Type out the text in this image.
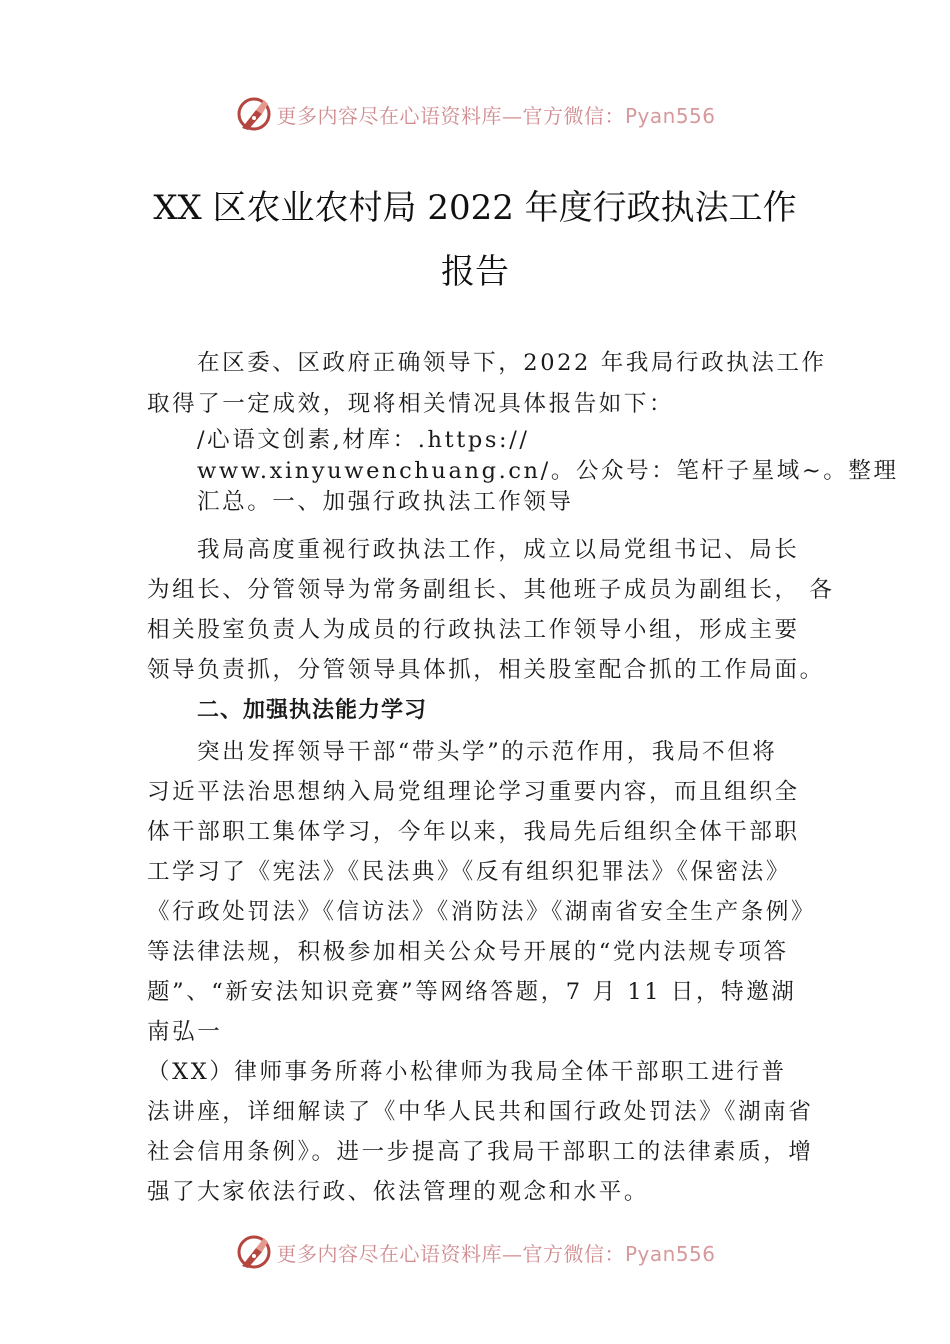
更多内容尽在心语资料库—官方微信：Pyan556
XX 区农业农村局 2022 年度行政执法工作
报告

在区委、区政府正确领导下，2022 年我局行政执法工作

取得了一定成效，现将相关情况具体报告如下：

/心语文创素,材库：.https://

www.xinyuwenchuang.cn/。公众号：笔杆子星域~。整理

汇总。一、加强行政执法工作领导

我局高度重视行政执法工作，成立以局党组书记、局长

为组长、分管领导为常务副组长、其他班子成员为副组长， 各

相关股室负责人为成员的行政执法工作领导小组，形成主要

领导负责抓，分管领导具体抓，相关股室配合抓的工作局面。

二、加强执法能力学习

突出发挥领导干部“带头学”的示范作用，我局不但将

习近平法治思想纳入局党组理论学习重要内容，而且组织全

体干部职工集体学习，今年以来，我局先后组织全体干部职

工学习了《宪法》《民法典》《反有组织犯罪法》《保密法》

《行政处罚法》《信访法》《消防法》《湖南省安全生产条例》

等法律法规，积极参加相关公众号开展的“党内法规专项答

题”、“新安法知识竞赛”等网络答题，7 月 11 日，特邀湖

南弘一

（XX）律师事务所蒋小松律师为我局全体干部职工进行普

法讲座，详细解读了《中华人民共和国行政处罚法》《湖南省

社会信用条例》。进一步提高了我局干部职工的法律素质，增

强了大家依法行政、依法管理的观念和水平。

更多内容尽在心语资料库—官方微信：Pyan556
